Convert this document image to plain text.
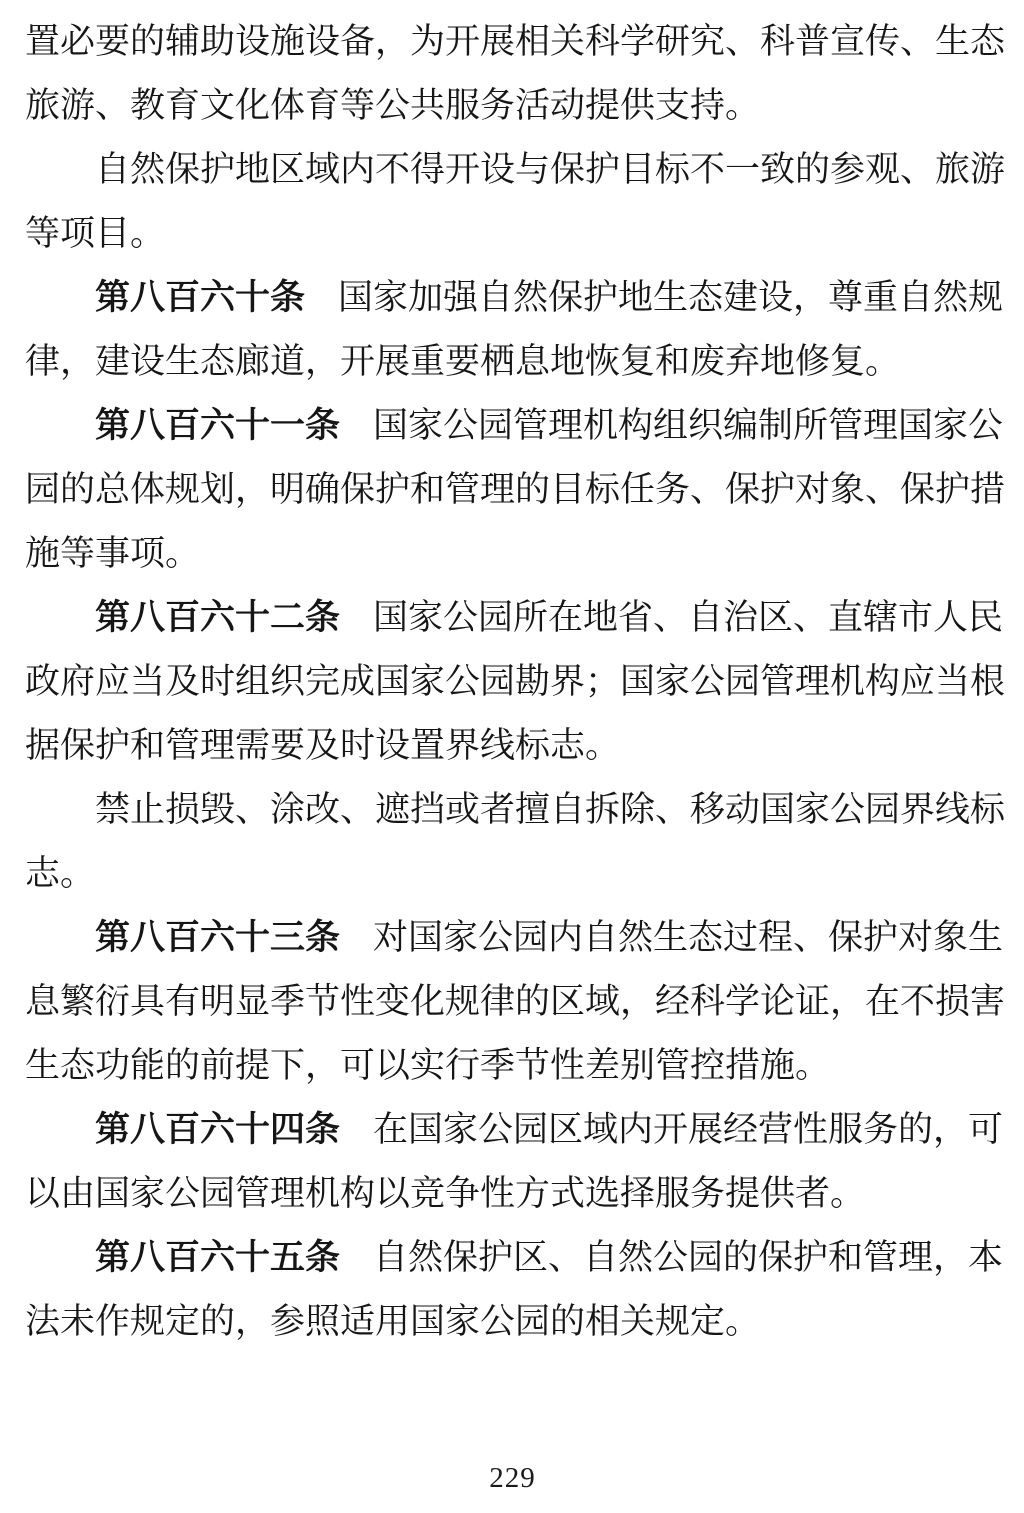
置必要的辅助设施设备，为开展相关科学研究、科普宣传、生态
旅游、教育文化体育等公共服务活动提供支持。
自然保护地区域内不得开设与保护目标不一致的参观、旅游
等项目。
第八百六十条 国家加强自然保护地生态建设，尊重自然规
律，建设生态廊道，开展重要栖息地恢复和废弃地修复。
第八百六十一条 国家公园管理机构组织编制所管理国家公
园的总体规划，明确保护和管理的目标任务、保护对象、保护措
施等事项。
第八百六十二条 国家公园所在地省、自治区、直辖市人民
政府应当及时组织完成国家公园勘界；国家公园管理机构应当根
据保护和管理需要及时设置界线标志。
禁止损毁、涂改、遮挡或者擅自拆除、移动国家公园界线标
志。
第八百六十三条 对国家公园内自然生态过程、保护对象生
息繁衍具有明显季节性变化规律的区域，经科学论证，在不损害
生态功能的前提下，可以实行季节性差别管控措施。
第八百六十四条 在国家公园区域内开展经营性服务的，可
以由国家公园管理机构以竞争性方式选择服务提供者。
第八百六十五条 自然保护区、自然公园的保护和管理，本
法未作规定的，参照适用国家公园的相关规定。
229
